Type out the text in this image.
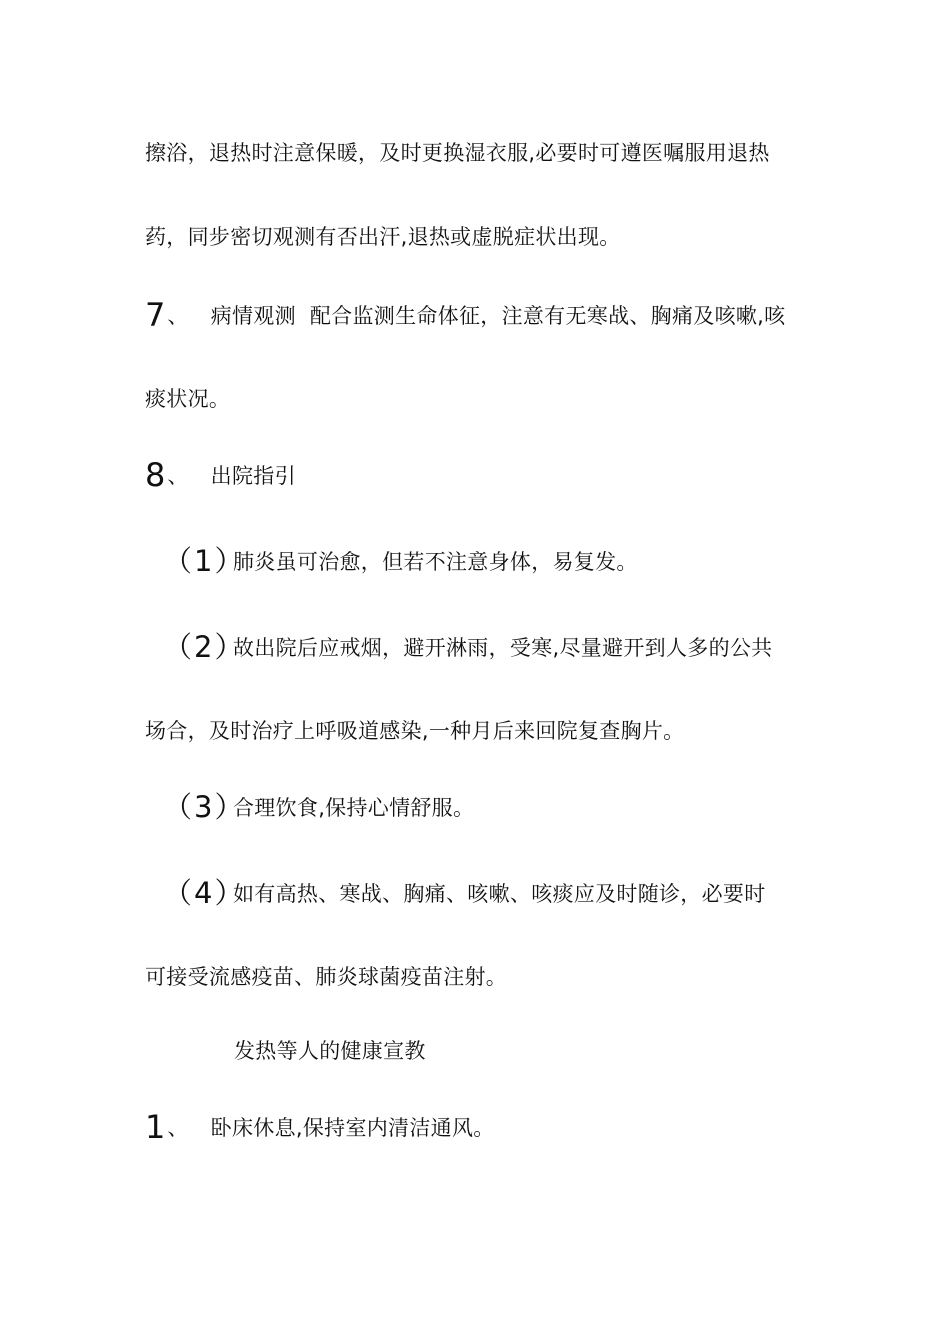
擦浴，退热时注意保暖，及时更换湿衣服,必要时可遵医嘱服用退热
药，同步密切观测有否出汗,退热或虚脱症状出现。
7、 病情观测 配合监测生命体征，注意有无寒战、胸痛及咳嗽,咳
痰状况。
8、 出院指引
（1）肺炎虽可治愈，但若不注意身体，易复发。
（2）故出院后应戒烟，避开淋雨，受寒,尽量避开到人多的公共
场合，及时治疗上呼吸道感染,一种月后来回院复查胸片。
（3）合理饮食,保持心情舒服。
（4）如有高热、寒战、胸痛、咳嗽、咳痰应及时随诊，必要时
可接受流感疫苗、肺炎球菌疫苗注射。
发热等人的健康宣教
1、 卧床休息,保持室内清洁通风。
